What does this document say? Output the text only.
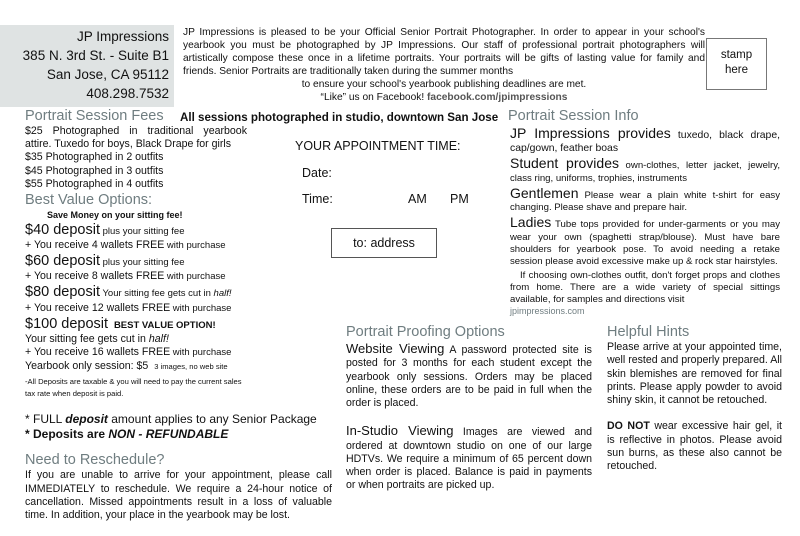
JP Impressions
385 N. 3rd St. - Suite B1
San Jose, CA 95112
408.298.7532
JP Impressions is pleased to be your Official Senior Portrait Photographer. In order to appear in your school's yearbook you must be photographed by JP Impressions. Our staff of professional portrait photographers will artistically compose these once in a lifetime portraits. Your portraits will be gifts of lasting value for family and friends. Senior Portraits are traditionally taken during the summer months
to ensure your school's yearbook publishing deadlines are met.
“Like” us on Facebook! facebook.com/jpimpressions
stamp
here
Portrait Session Fees	All sessions photographed in studio, downtown San Jose Portrait Session Info
$25 Photographed in traditional yearbook attire. Tuxedo for boys, Black Drape for girls
$35 Photographed in 2 outfits
$45 Photographed in 3 outfits
$55 Photographed in 4 outfits
Best Value Options:
Save Money on your sitting fee!
$40 deposit plus your sitting fee
+ You receive 4 wallets FREE with purchase
$60 deposit plus your sitting fee
+ You receive 8 wallets FREE with purchase
$80 deposit Your sitting fee gets cut in half!
+ You receive 12 wallets FREE with purchase
$100 deposit BEST VALUE OPTION!
Your sitting fee gets cut in half!
+ You receive 16 wallets FREE with purchase
Yearbook only session: $5 3 images, no web site
-All Deposits are taxable & you will need to pay the current sales tax rate when deposit is paid.
* FULL deposit amount applies to any Senior Package
* Deposits are NON - REFUNDABLE
Need to Reschedule?
If you are unable to arrive for your appointment, please call IMMEDIATELY to reschedule. We require a 24-hour notice of cancellation. Missed appointments result in a loss of valuable time. In addition, your place in the yearbook may be lost.
YOUR APPOINTMENT TIME:
Date:
Time:	AM	PM
to: address
JP Impressions provides tuxedo, black drape, cap/gown, feather boas
Student provides own-clothes, letter jacket, jewelry, class ring, uniforms, trophies, instruments
Gentlemen Please wear a plain white t-shirt for easy changing. Please shave and prepare hair.
Ladies Tube tops provided for under-garments or you may wear your own (spaghetti strap/blouse). Must have bare shoulders for yearbook pose. To avoid needing a retake session please avoid excessive make up & rock star hairstyles.
If choosing own-clothes outfit, don't forget props and clothes from home. There are a wide variety of special sittings available, for samples and directions visit
jpimpressions.com
Portrait Proofing Options
Website Viewing A password protected site is posted for 3 months for each student except the yearbook only sessions. Orders may be placed online, these orders are to be paid in full when the order is placed.
In-Studio Viewing Images are viewed and ordered at downtown studio on one of our large HDTVs. We require a minimum of 65 percent down when order is placed. Balance is paid in payments or when portraits are picked up.
Helpful Hints
Please arrive at your appointed time, well rested and properly prepared. All skin blemishes are removed for final prints. Please apply powder to avoid shiny skin, it cannot be retouched.
DO NOT wear excessive hair gel, it is reflective in photos. Please avoid sun burns, as these also cannot be retouched.
